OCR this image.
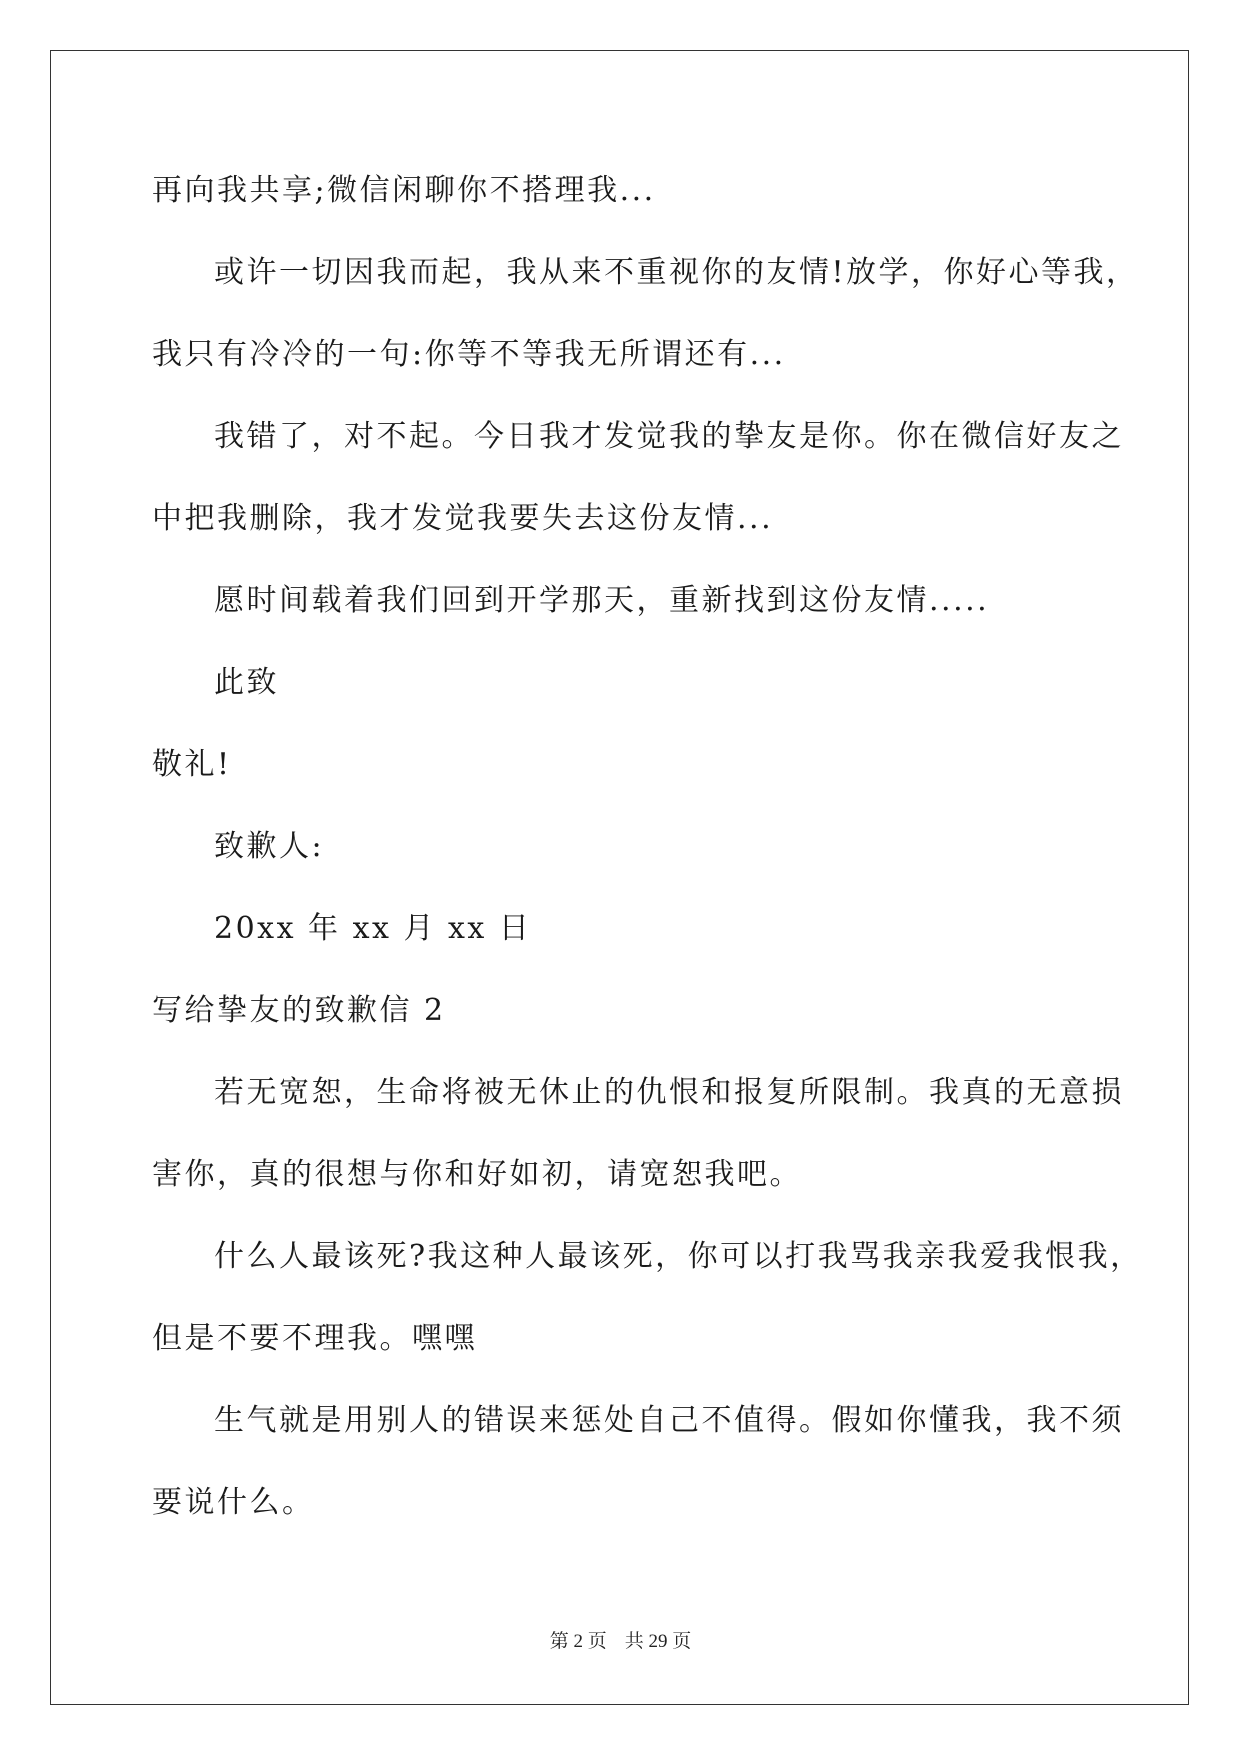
再向我共享;微信闲聊你不搭理我...
或许一切因我而起，我从来不重视你的友情!放学，你好心等我，
我只有冷冷的一句:你等不等我无所谓还有...
我错了，对不起。今日我才发觉我的挚友是你。你在微信好友之
中把我删除，我才发觉我要失去这份友情...
愿时间载着我们回到开学那天，重新找到这份友情.....
此致
敬礼!
致歉人:
20xx 年 xx 月 xx 日
写给挚友的致歉信 2
若无宽恕，生命将被无休止的仇恨和报复所限制。我真的无意损
害你，真的很想与你和好如初，请宽恕我吧。
什么人最该死?我这种人最该死，你可以打我骂我亲我爱我恨我，
但是不要不理我。嘿嘿
生气就是用别人的错误来惩处自己不值得。假如你懂我，我不须
要说什么。
第 2 页 共 29 页
